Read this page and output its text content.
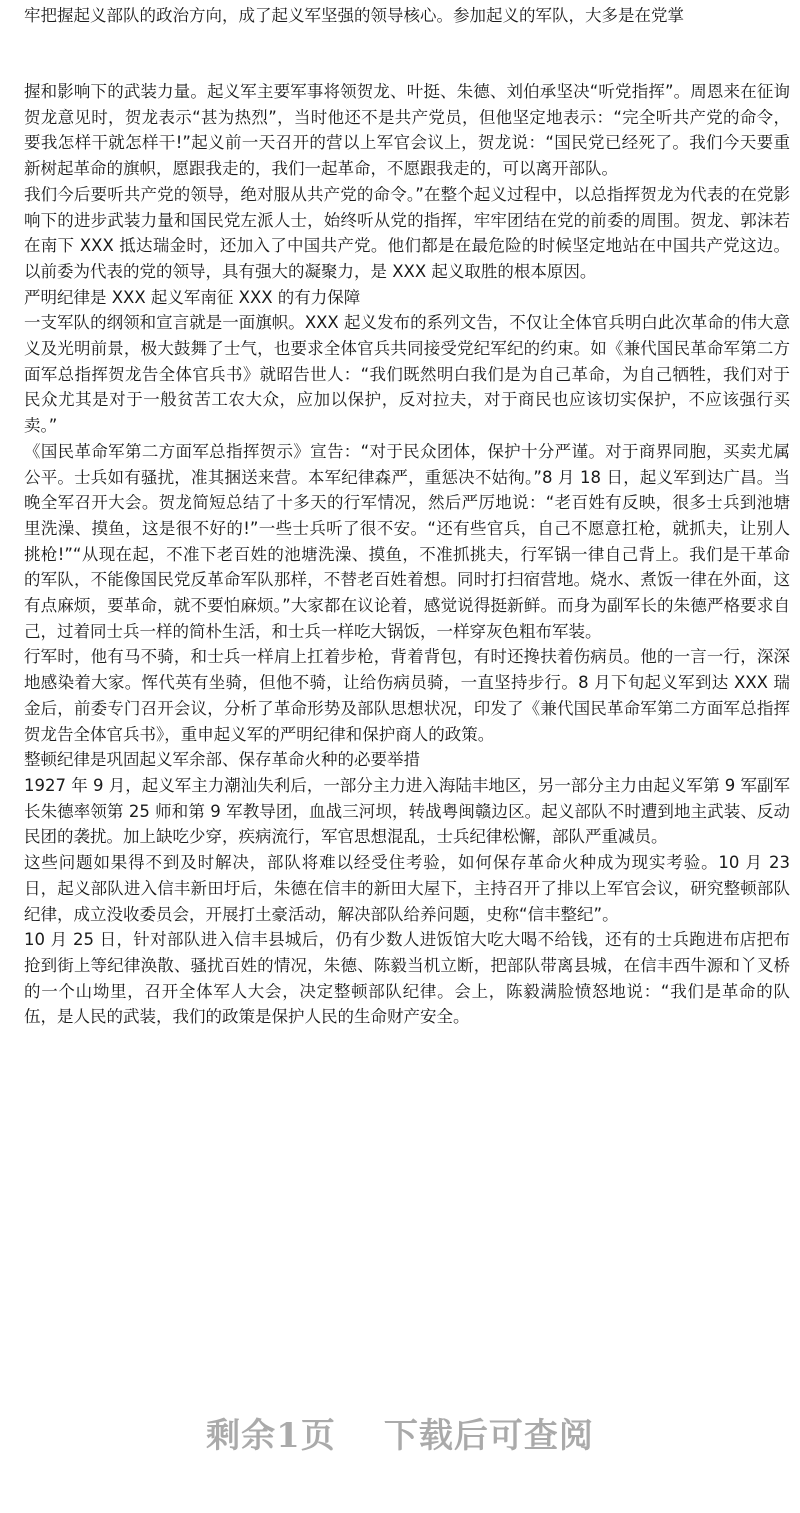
牢把握起义部队的政治方向，成了起义军坚强的领导核心。参加起义的军队，大多是在党掌

握和影响下的武装力量。起义军主要军事将领贺龙、叶挺、朱德、刘伯承坚决“听党指挥”。周恩来在征询贺龙意见时，贺龙表示“甚为热烈”，当时他还不是共产党员，但他坚定地表示：“完全听共产党的命令，要我怎样干就怎样干!”起义前一天召开的营以上军官会议上，贺龙说：“国民党已经死了。我们今天要重新树起革命的旗帜，愿跟我走的，我们一起革命，不愿跟我走的，可以离开部队。

我们今后要听共产党的领导，绝对服从共产党的命令。”在整个起义过程中，以总指挥贺龙为代表的在党影响下的进步武装力量和国民党左派人士，始终听从党的指挥，牢牢团结在党的前委的周围。贺龙、郭沫若在南下 XXX 抵达瑞金时，还加入了中国共产党。他们都是在最危险的时候坚定地站在中国共产党这边。以前委为代表的党的领导，具有强大的凝聚力，是 XXX 起义取胜的根本原因。

严明纪律是 XXX 起义军南征 XXX 的有力保障

一支军队的纲领和宣言就是一面旗帜。XXX 起义发布的系列文告，不仅让全体官兵明白此次革命的伟大意义及光明前景，极大鼓舞了士气，也要求全体官兵共同接受党纪军纪的约束。如《兼代国民革命军第二方面军总指挥贺龙告全体官兵书》就昭告世人：“我们既然明白我们是为自己革命，为自己牺牲，我们对于民众尤其是对于一般贫苦工农大众，应加以保护，反对拉夫，对于商民也应该切实保护，不应该强行买卖。”

《国民革命军第二方面军总指挥贺示》宣告：“对于民众团体，保护十分严谨。对于商界同胞，买卖尤属公平。士兵如有骚扰，准其捆送来营。本军纪律森严，重惩决不姑徇。”8 月 18 日，起义军到达广昌。当晚全军召开大会。贺龙简短总结了十多天的行军情况，然后严厉地说：“老百姓有反映，很多士兵到池塘里洗澡、摸鱼，这是很不好的!”一些士兵听了很不安。“还有些官兵，自己不愿意扛枪，就抓夫，让别人挑枪!”“从现在起，不准下老百姓的池塘洗澡、摸鱼，不准抓挑夫，行军锅一律自己背上。我们是干革命的军队，不能像国民党反革命军队那样，不替老百姓着想。同时打扫宿营地。烧水、煮饭一律在外面，这有点麻烦，要革命，就不要怕麻烦。”大家都在议论着，感觉说得挺新鲜。而身为副军长的朱德严格要求自己，过着同士兵一样的简朴生活，和士兵一样吃大锅饭，一样穿灰色粗布军装。

行军时，他有马不骑，和士兵一样肩上扛着步枪，背着背包，有时还搀扶着伤病员。他的一言一行，深深地感染着大家。恽代英有坐骑，但他不骑，让给伤病员骑，一直坚持步行。8 月下旬起义军到达 XXX 瑞金后，前委专门召开会议，分析了革命形势及部队思想状况，印发了《兼代国民革命军第二方面军总指挥贺龙告全体官兵书》，重申起义军的严明纪律和保护商人的政策。

整顿纪律是巩固起义军余部、保存革命火种的必要举措

1927 年 9 月，起义军主力潮汕失利后，一部分主力进入海陆丰地区，另一部分主力由起义军第 9 军副军长朱德率领第 25 师和第 9 军教导团，血战三河坝，转战粤闽赣边区。起义部队不时遭到地主武装、反动民团的袭扰。加上缺吃少穿，疾病流行，军官思想混乱，士兵纪律松懈，部队严重减员。

这些问题如果得不到及时解决，部队将难以经受住考验，如何保存革命火种成为现实考验。10 月 23 日，起义部队进入信丰新田圩后，朱德在信丰的新田大屋下，主持召开了排以上军官会议，研究整顿部队纪律，成立没收委员会，开展打土豪活动，解决部队给养问题，史称“信丰整纪”。

10 月 25 日，针对部队进入信丰县城后，仍有少数人进饭馆大吃大喝不给钱，还有的士兵跑进布店把布抢到街上等纪律涣散、骚扰百姓的情况，朱德、陈毅当机立断，把部队带离县城，在信丰西牛源和丫叉桥的一个山坳里，召开全体军人大会，决定整顿部队纪律。会上，陈毅满脸愤怒地说：“我们是革命的队伍，是人民的武装，我们的政策是保护人民的生命财产安全。

剩余1页 下载后可查阅
